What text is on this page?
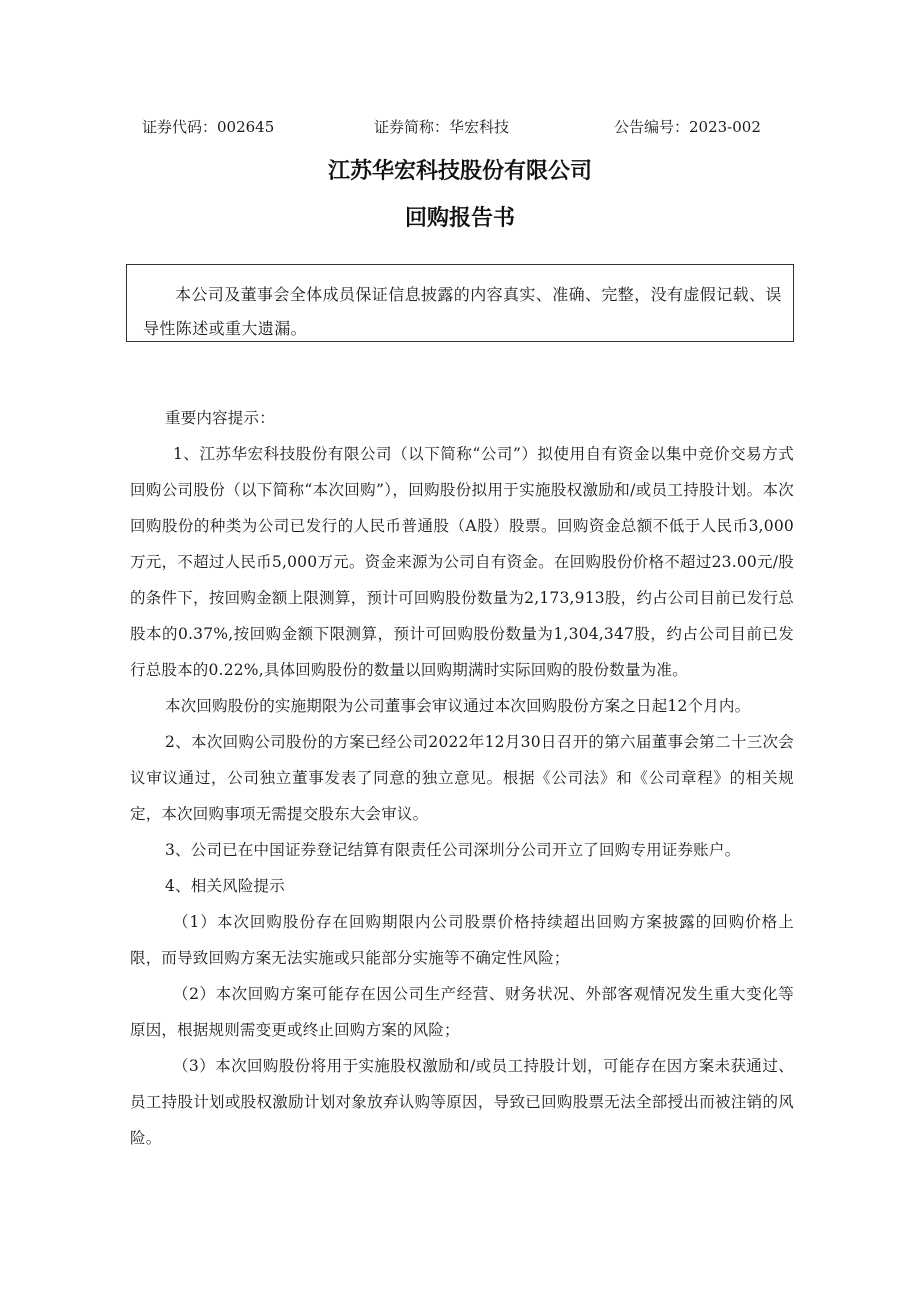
证券代码：002645	证券简称：华宏科技	公告编号：2023-002
江苏华宏科技股份有限公司
回购报告书
本公司及董事会全体成员保证信息披露的内容真实、准确、完整，没有虚假记载、误导性陈述或重大遗漏。

重要内容提示：

1、江苏华宏科技股份有限公司（以下简称“公司”）拟使用自有资金以集中竞价交易方式回购公司股份（以下简称“本次回购”），回购股份拟用于实施股权激励和/或员工持股计划。本次回购股份的种类为公司已发行的人民币普通股（A股）股票。回购资金总额不低于人民币3,000万元，不超过人民币5,000万元。资金来源为公司自有资金。在回购股份价格不超过23.00元/股的条件下，按回购金额上限测算，预计可回购股份数量为2,173,913股，约占公司目前已发行总股本的0.37%,按回购金额下限测算，预计可回购股份数量为1,304,347股，约占公司目前已发行总股本的0.22%,具体回购股份的数量以回购期满时实际回购的股份数量为准。

本次回购股份的实施期限为公司董事会审议通过本次回购股份方案之日起12个月内。

2、本次回购公司股份的方案已经公司2022年12月30日召开的第六届董事会第二十三次会议审议通过，公司独立董事发表了同意的独立意见。根据《公司法》和《公司章程》的相关规定，本次回购事项无需提交股东大会审议。

3、公司已在中国证券登记结算有限责任公司深圳分公司开立了回购专用证券账户。

4、相关风险提示

（1）本次回购股份存在回购期限内公司股票价格持续超出回购方案披露的回购价格上限，而导致回购方案无法实施或只能部分实施等不确定性风险；

（2）本次回购方案可能存在因公司生产经营、财务状况、外部客观情况发生重大变化等原因，根据规则需变更或终止回购方案的风险；

（3）本次回购股份将用于实施股权激励和/或员工持股计划，可能存在因方案未获通过、员工持股计划或股权激励计划对象放弃认购等原因，导致已回购股票无法全部授出而被注销的风险。
